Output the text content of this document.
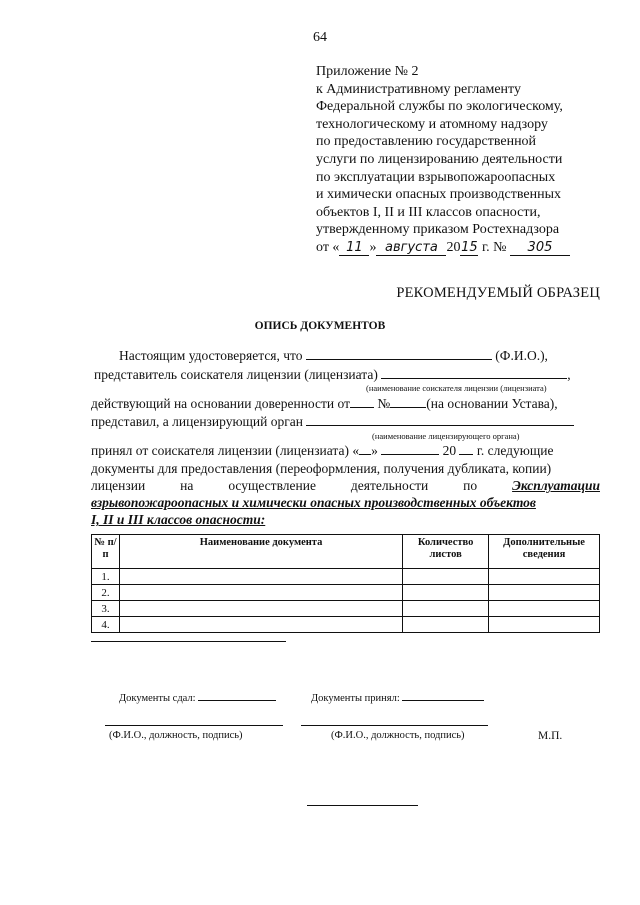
64
Приложение № 2
к Административному регламенту
Федеральной службы по экологическому,
технологическому и атомному надзору
по предоставлению государственной
услуги по лицензированию деятельности
по эксплуатации взрывопожароопасных
и химически опасных производственных
объектов I, II и III классов опасности,
утвержденному приказом Ростехнадзора
от « 11 » августа 2015 г. № 305
РЕКОМЕНДУЕМЫЙ ОБРАЗЕЦ
ОПИСЬ ДОКУМЕНТОВ
Настоящим удостоверяется, что	(Ф.И.О.),
представитель соискателя лицензии (лицензиата)	,
(наименование соискателя лицензии (лицензиата)
действующий на основании доверенности от №	(на основании Устава),
представил, а лицензирующий орган
(наименование лицензирующего органа)
принял от соискателя лицензии (лицензиата) « »	20 г. следующие
документы для предоставления (переоформления, получения дубликата, копии)
лицензии	на	осуществление	деятельности	по	Эксплуатации
взрывопожароопасных и химически опасных производственных объектов
I, II и III классов опасности:
№ п/п	Наименование документа	Количество листов	Дополнительные сведения
1.			
2.			
3.			
4.			
Документы сдал:	Документы принял:
(Ф.И.О., должность, подпись)	(Ф.И.О., должность, подпись)	М.П.
